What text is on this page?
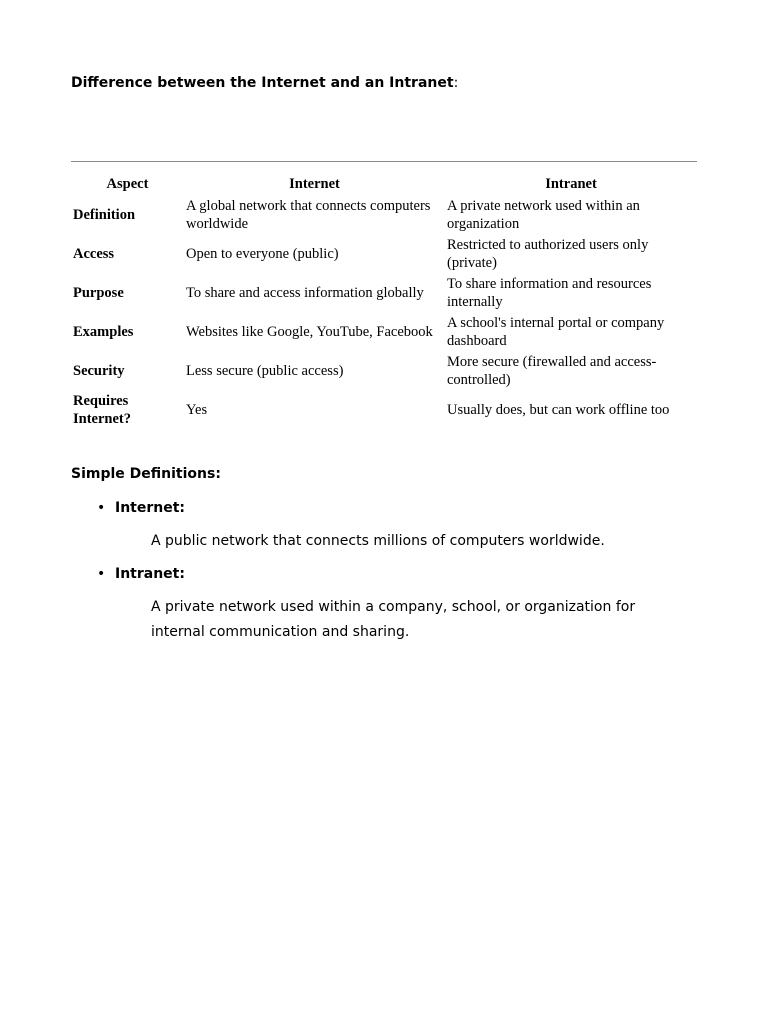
Difference between the Internet and an Intranet:
Aspect	Internet	Intranet
Definition	A global network that connects computers worldwide	A private network used within an organization
Access	Open to everyone (public)	Restricted to authorized users only (private)
Purpose	To share and access information globally	To share information and resources internally
Examples	Websites like Google, YouTube, Facebook	A school's internal portal or company dashboard
Security	Less secure (public access)	More secure (firewalled and access-controlled)
Requires Internet?	Yes	Usually does, but can work offline too
Simple Definitions:
• Internet:
A public network that connects millions of computers worldwide.
• Intranet:
A private network used within a company, school, or organization for internal communication and sharing.
